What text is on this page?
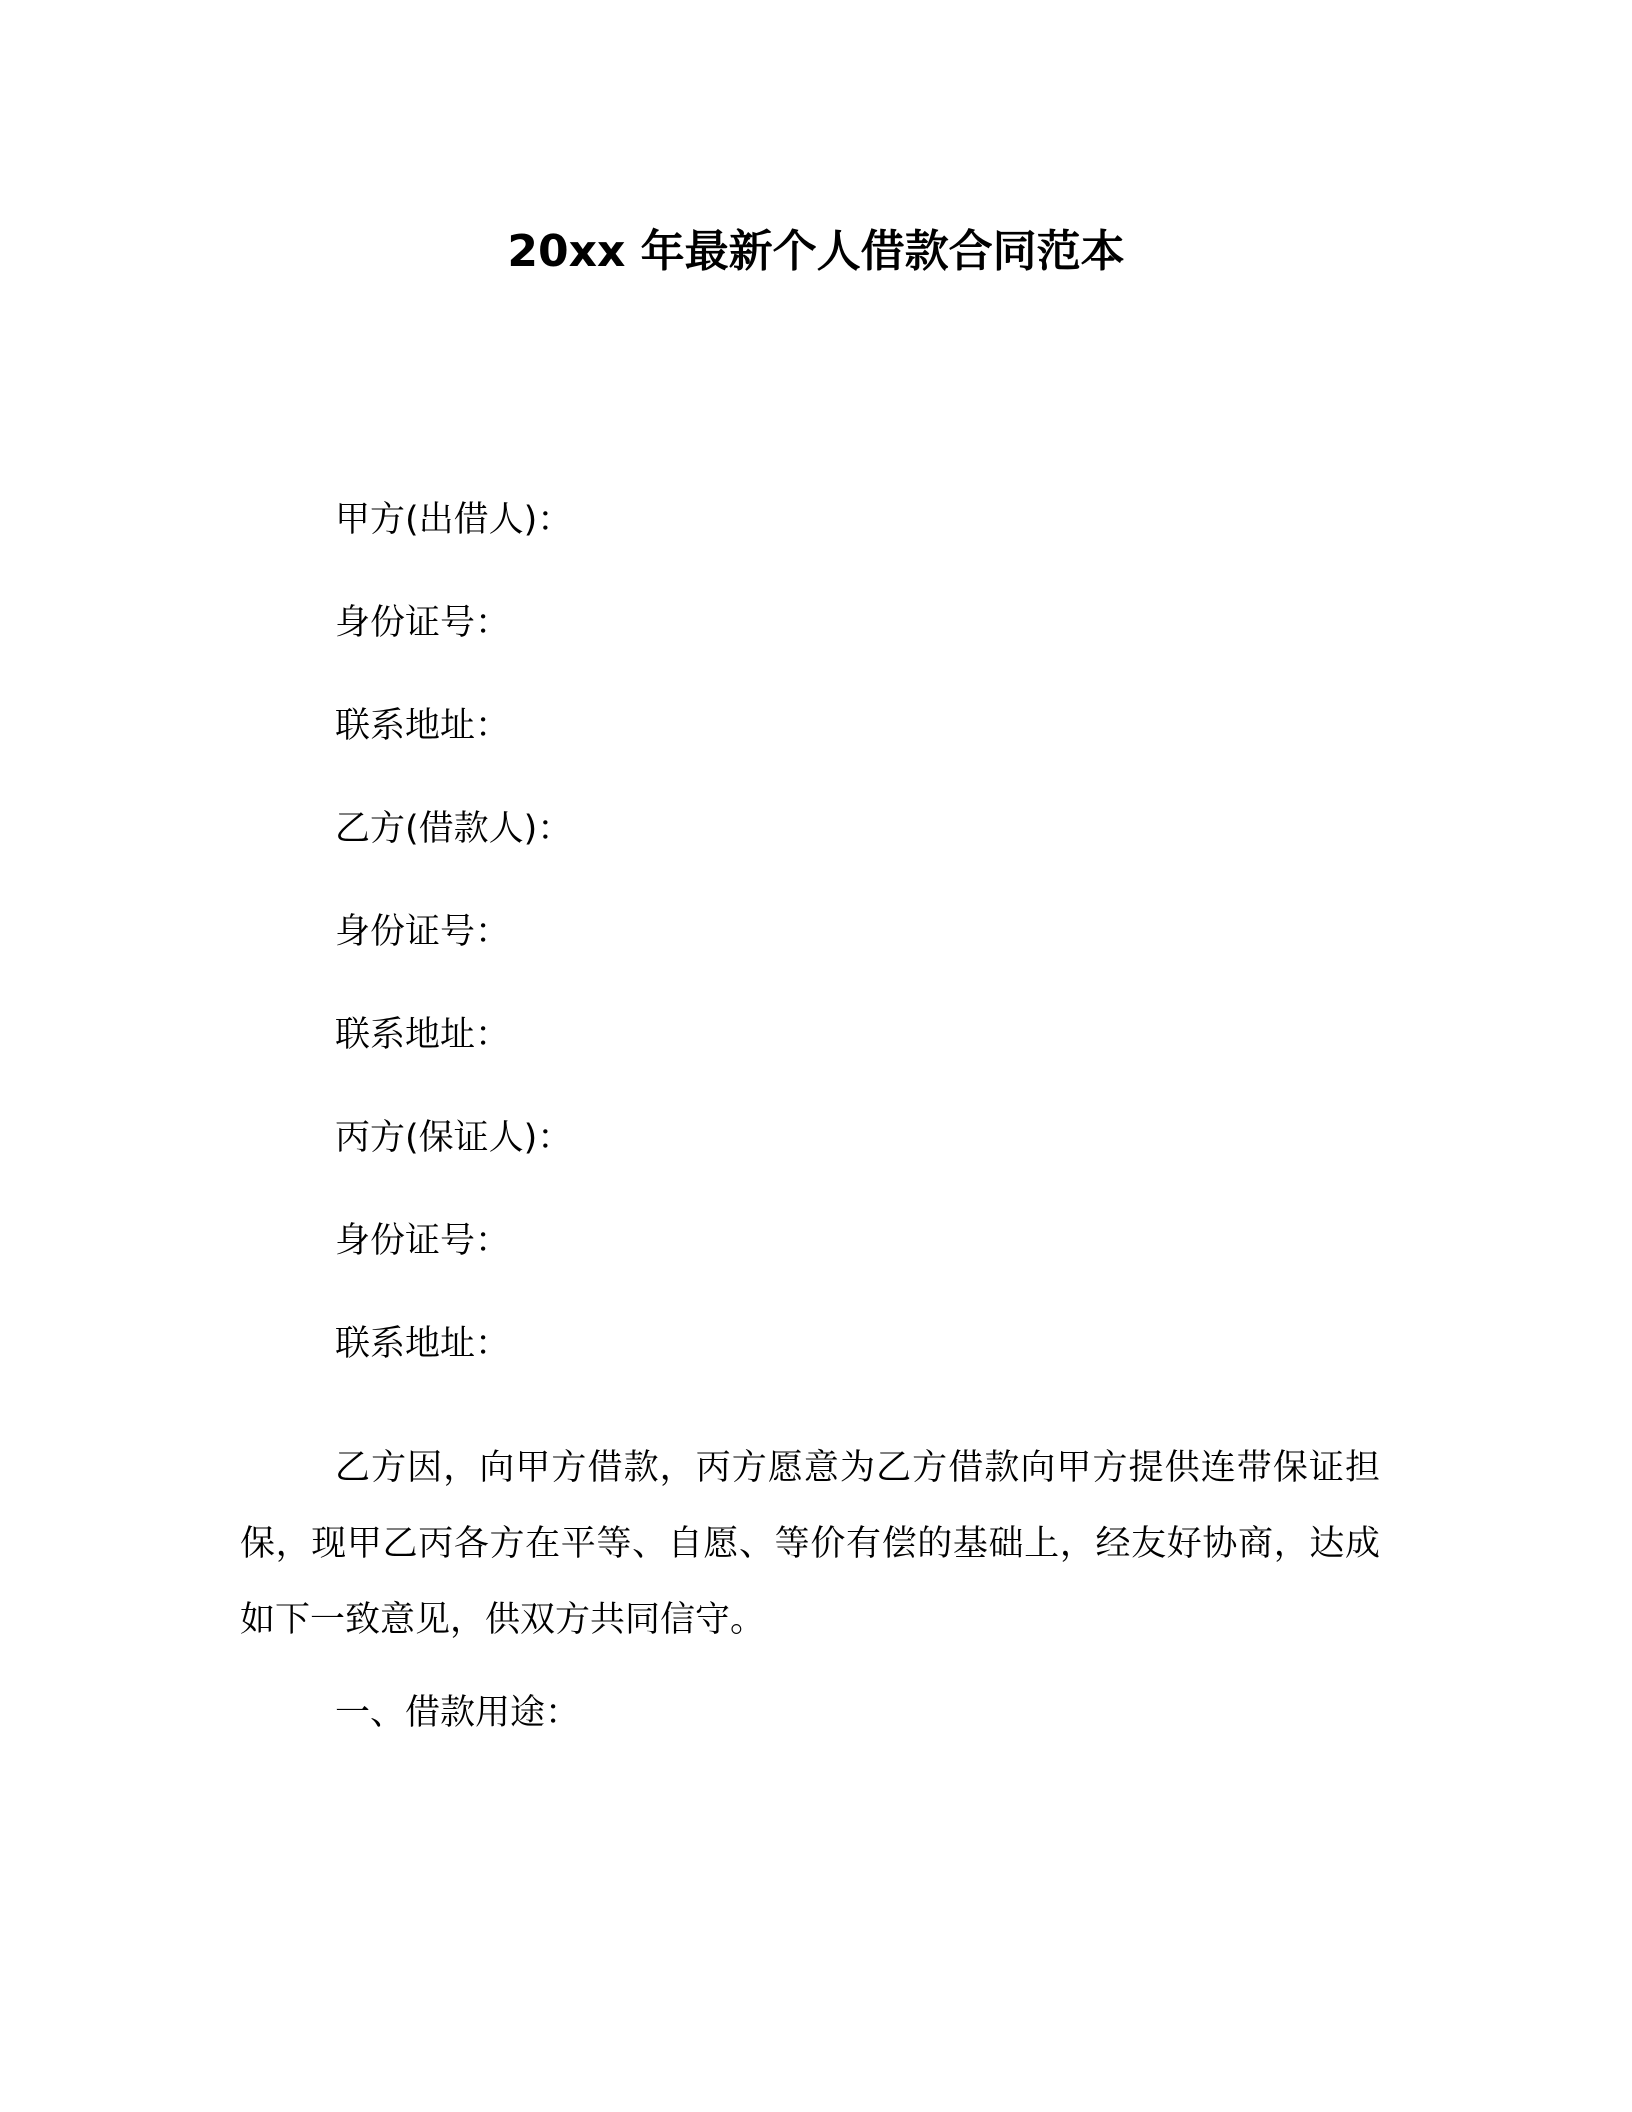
20xx 年最新个人借款合同范本

甲方(出借人)：

身份证号：

联系地址：

乙方(借款人)：

身份证号：

联系地址：

丙方(保证人)：

身份证号：

联系地址：

乙方因，向甲方借款，丙方愿意为乙方借款向甲方提供连带保证担保，现甲乙丙各方在平等、自愿、等价有偿的基础上，经友好协商，达成如下一致意见，供双方共同信守。

一、借款用途：
